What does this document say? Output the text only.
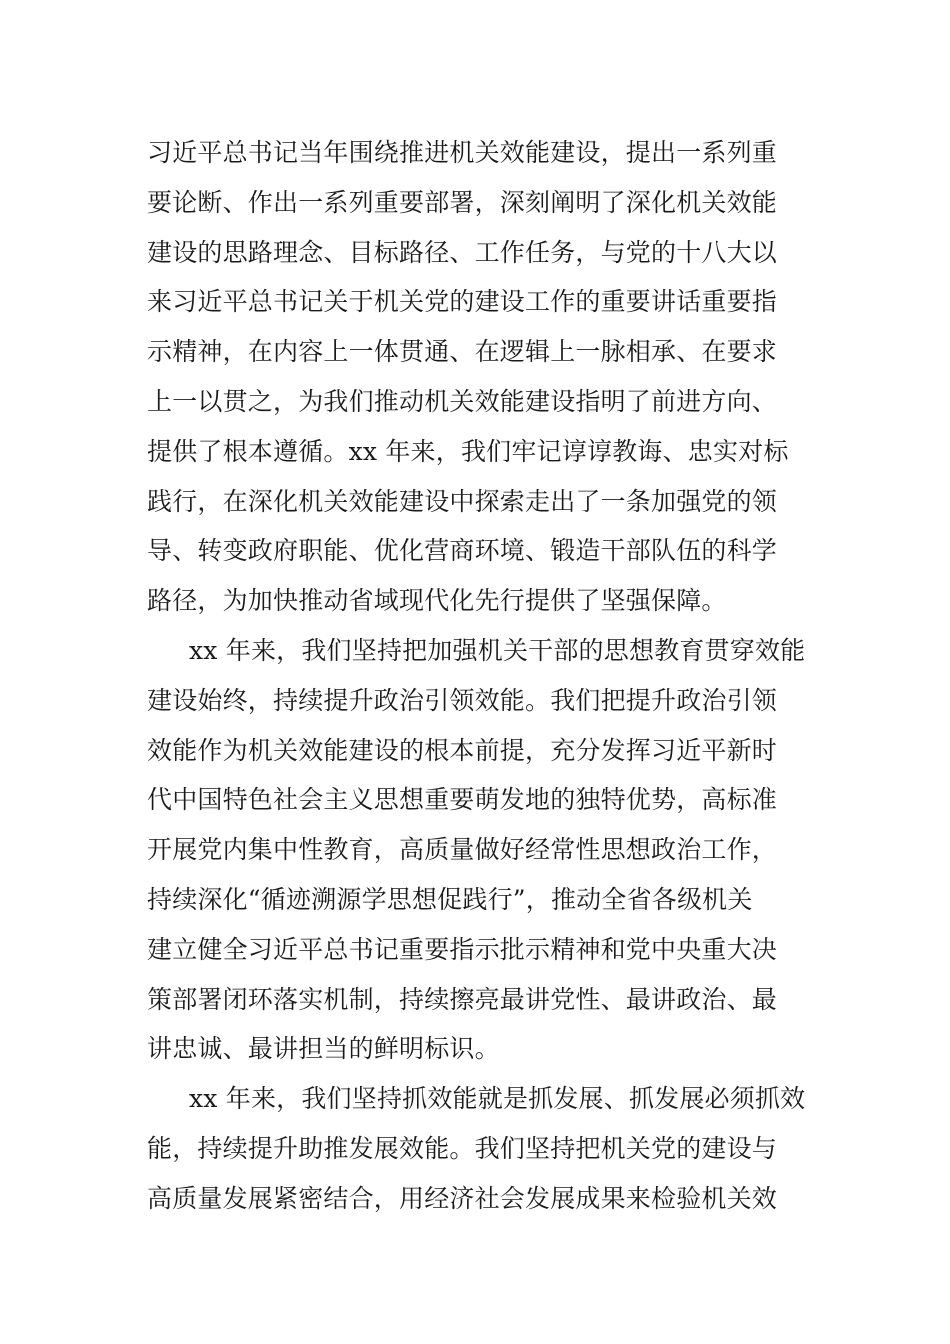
习近平总书记当年围绕推进机关效能建设，提出一系列重
要论断、作出一系列重要部署，深刻阐明了深化机关效能
建设的思路理念、目标路径、工作任务，与党的十八大以
来习近平总书记关于机关党的建设工作的重要讲话重要指
示精神，在内容上一体贯通、在逻辑上一脉相承、在要求
上一以贯之，为我们推动机关效能建设指明了前进方向、
提供了根本遵循。xx 年来，我们牢记谆谆教诲、忠实对标
践行，在深化机关效能建设中探索走出了一条加强党的领
导、转变政府职能、优化营商环境、锻造干部队伍的科学
路径，为加快推动省域现代化先行提供了坚强保障。
xx 年来，我们坚持把加强机关干部的思想教育贯穿效能
建设始终，持续提升政治引领效能。我们把提升政治引领
效能作为机关效能建设的根本前提，充分发挥习近平新时
代中国特色社会主义思想重要萌发地的独特优势，高标准
开展党内集中性教育，高质量做好经常性思想政治工作，
持续深化“循迹溯源学思想促践行”，推动全省各级机关
建立健全习近平总书记重要指示批示精神和党中央重大决
策部署闭环落实机制，持续擦亮最讲党性、最讲政治、最
讲忠诚、最讲担当的鲜明标识。
xx 年来，我们坚持抓效能就是抓发展、抓发展必须抓效
能，持续提升助推发展效能。我们坚持把机关党的建设与
高质量发展紧密结合，用经济社会发展成果来检验机关效
